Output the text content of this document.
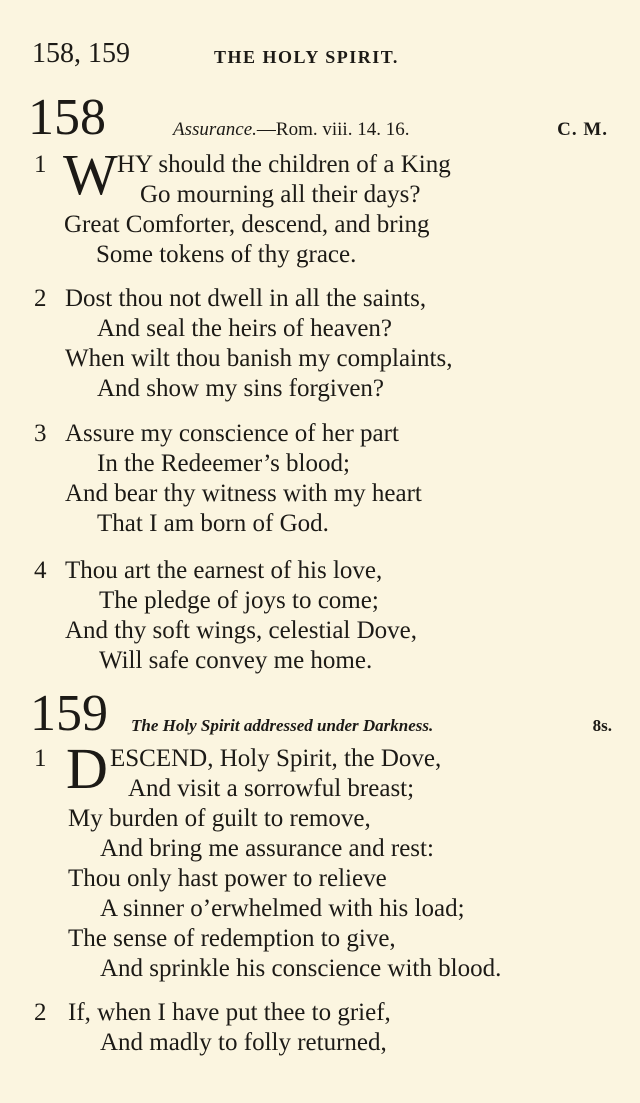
158, 159	THE HOLY SPIRIT.
158	Assurance.—Rom. viii. 14. 16.	C. M.
1 W HY should the children of a King
Go mourning all their days?
Great Comforter, descend, and bring
Some tokens of thy grace.
2 Dost thou not dwell in all the saints,
And seal the heirs of heaven?
When wilt thou banish my complaints,
And show my sins forgiven?
3 Assure my conscience of her part
In the Redeemer’s blood;
And bear thy witness with my heart
That I am born of God.
4 Thou art the earnest of his love,
The pledge of joys to come;
And thy soft wings, celestial Dove,
Will safe convey me home.
159 The Holy Spirit addressed under Darkness.	8s.
1 D ESCEND, Holy Spirit, the Dove,
And visit a sorrowful breast;
My burden of guilt to remove,
And bring me assurance and rest:
Thou only hast power to relieve
A sinner o’erwhelmed with his load;
The sense of redemption to give,
And sprinkle his conscience with blood.
2 If, when I have put thee to grief,
And madly to folly returned,
